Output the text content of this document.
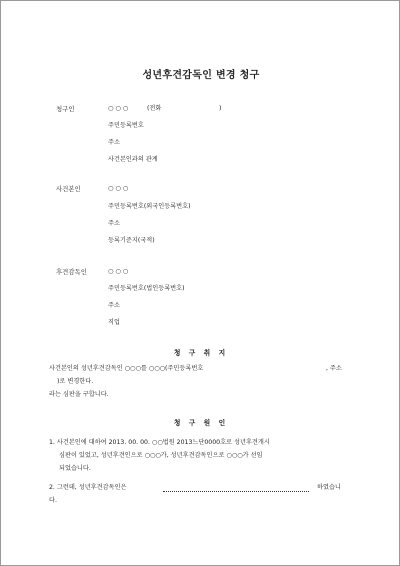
성년후견감독인 변경 청구
청구인	○ ○ ○	(전화	)
주민등록번호
주소
사건본인과의 관계
사건본인	○ ○ ○
주민등록번호(외국인등록번호)
주소
등록기준지(국적)
후견감독인	○ ○ ○
주민등록번호(법인등록번호)
주소
직업
청 구 취 지
사건본인의 성년후견감독인 ○○○를 ○○○(주민등록번호	, 주소
)로 변경한다.
라는 심판을 구합니다.
청 구 원 인
1. 사건본인에 대하여 2013. 00. 00. ○○법원 2013느단0000호로 성년후견개시
심판이 있었고, 성년후견인으로 ○○○가, 성년후견감독인으로 ○○○가 선임
되었습니다.
2. 그런데, 성년후견감독인은	하였습니
다.
